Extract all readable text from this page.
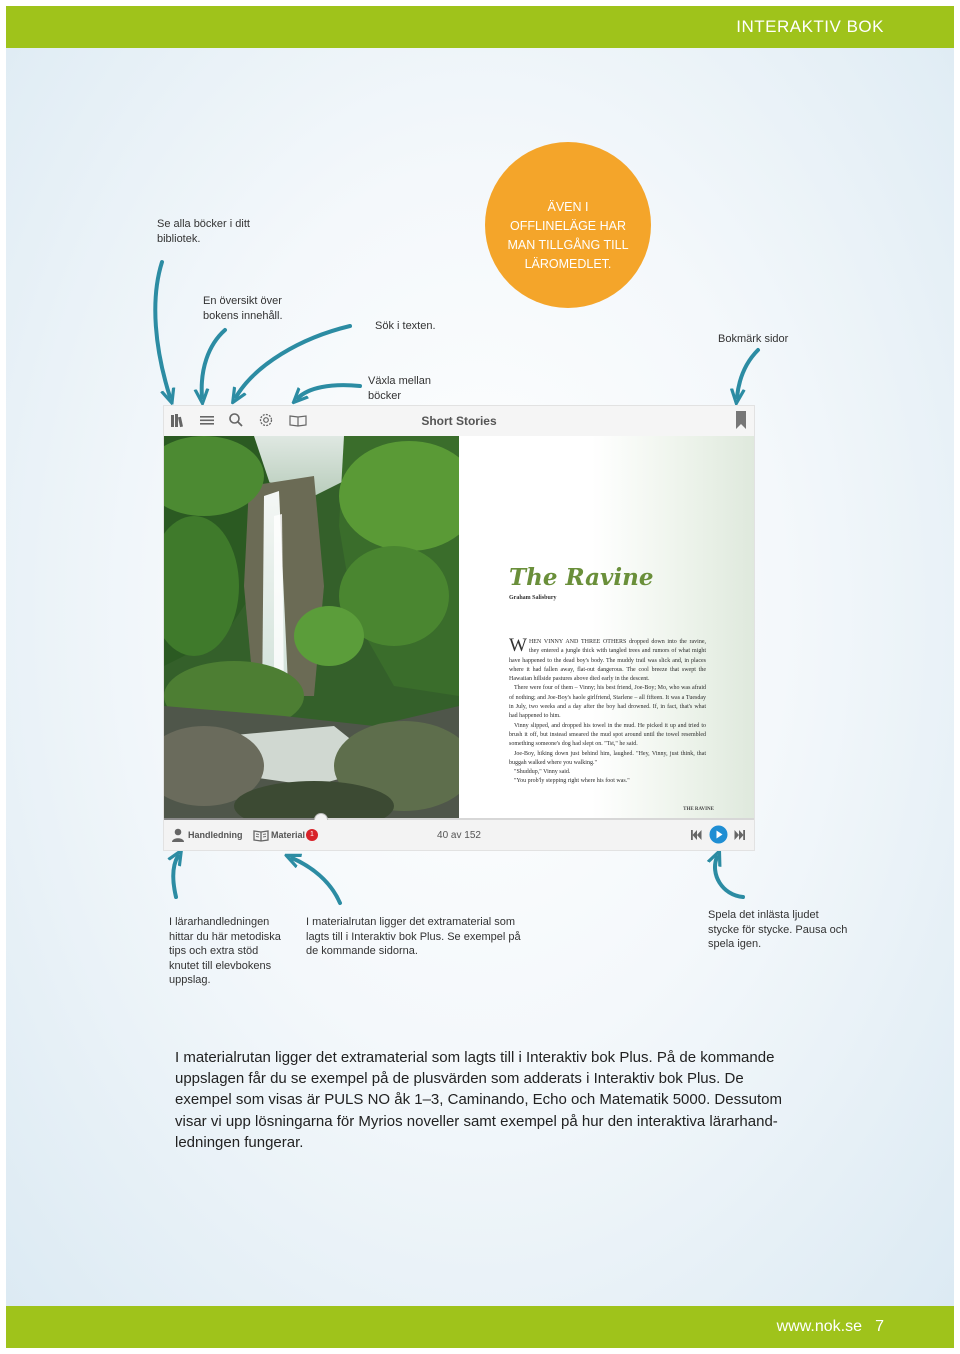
INTERAKTIV BOK
ÄVEN I OFFLINELÄGE HAR MAN TILLGÅNG TILL LÄROMEDLET.
Se alla böcker i ditt bibliotek.
En översikt över bokens innehåll.
Sök i texten.
Växla mellan böcker
Bokmärk sidor
I lärarhandledningen hittar du här metodiska tips och extra stöd knutet till elevbokens uppslag.
I materialrutan ligger det extramaterial som lagts till i Interaktiv bok Plus. Se exempel på de kommande sidorna.
Spela det inlästa ljudet stycke för stycke. Pausa och spela igen.
Short Stories
The Ravine
Graham Salisbury
W HEN VINNY AND THREE OTHERS dropped down into the ravine, they entered a jungle thick with tangled trees and rumors of what might have happened to the dead boy's body. The muddy trail was slick and, in places where it had fallen away, flat-out dangerous. The cool breeze that swept the Hawaiian hillside pastures above died early in the descent.

There were four of them – Vinny; his best friend, Joe-Boy; Mo, who was afraid of nothing; and Joe-Boy's haole girlfriend, Starlene – all fifteen. It was a Tuesday in July, two weeks and a day after the boy had drowned. If, in fact, that's what had happened to him.

Vinny slipped, and dropped his towel in the mud. He picked it up and tried to brush it off, but instead smeared the mud spot around until the towel resembled something someone's dog had slept on. "Tst," he said.

Joe-Boy, hiking down just behind him, laughed. "Hey, Vinny, just think, that buggah walked where you walking."

"Shuddup," Vinny said.

"You prob'ly stepping right where his foot was."

THE RAVINE
Handledning	Material 1	40 av 152
I materialrutan ligger det extramaterial som lagts till i Interaktiv bok Plus. På de kommande uppslagen får du se exempel på de plusvärden som adderats i Interaktiv bok Plus. De exempel som visas är PULS NO åk 1–3, Caminando, Echo och Matematik 5000. Dessutom visar vi upp lösningarna för Myrios noveller samt exempel på hur den interaktiva lärarhand-ledningen fungerar.
www.nok.se 7
